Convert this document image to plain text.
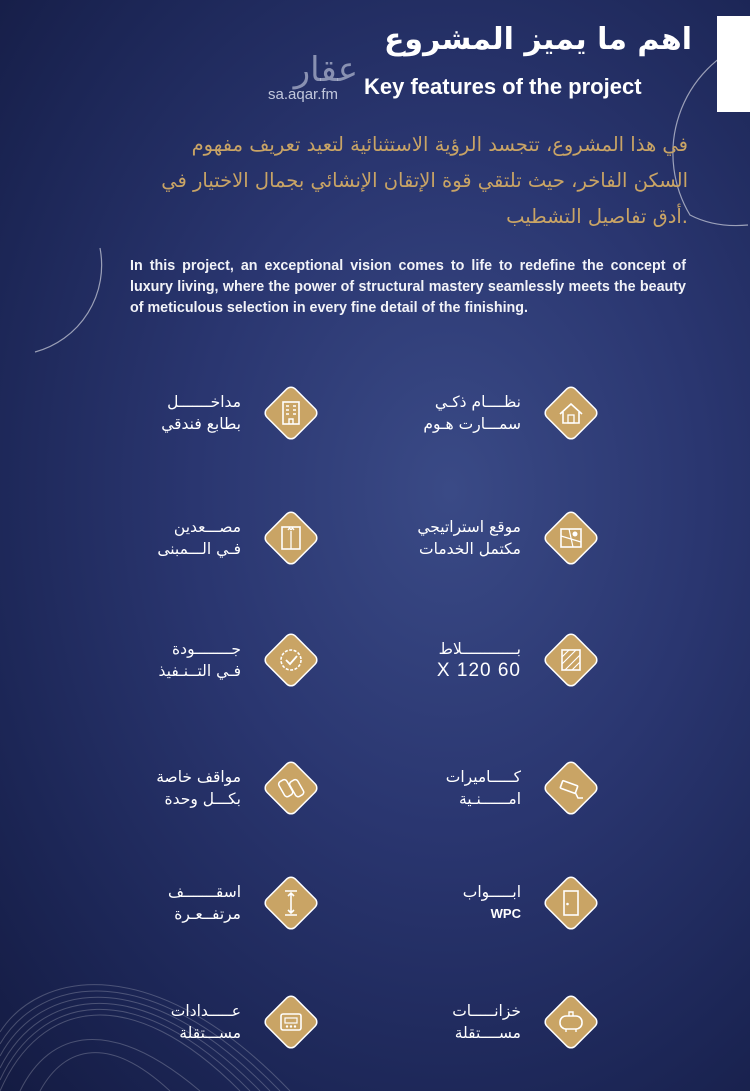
اهم ما يميز المشروع
Key features of the project
عقار
sa.aqar.fm
في هذا المشروع، تتجسد الرؤية الاستثنائية لتعيد تعريف مفهوم
السكن الفاخر، حيث تلتقي قوة الإتقان الإنشائي بجمال الاختيار في
.أدق تفاصيل التشطيب
In this project, an exceptional vision comes to life to redefine the concept of luxury living, where the power of structural mastery seamlessly meets the beauty of meticulous selection in every fine detail of the finishing.
نظــــام ذكـي
سمـــارت هـوم
مداخـــــــل
بطابع فندقي
موقع استراتيجي
مكتمل الخدمات
مصـــعدين
فـي الـــمبنى
بــــــــــــلاط
60 X 120
جــــــــودة
فـي التــنـفيذ
كـــــاميرات
امــــــنـية
مواقف خاصة
بكـــل وحدة
ابـــــواب
WPC
اسقـــــــف
مرتفــعـرة
خزانـــــات
مســــتقلة
عـــــدادات
مســـتقلة
